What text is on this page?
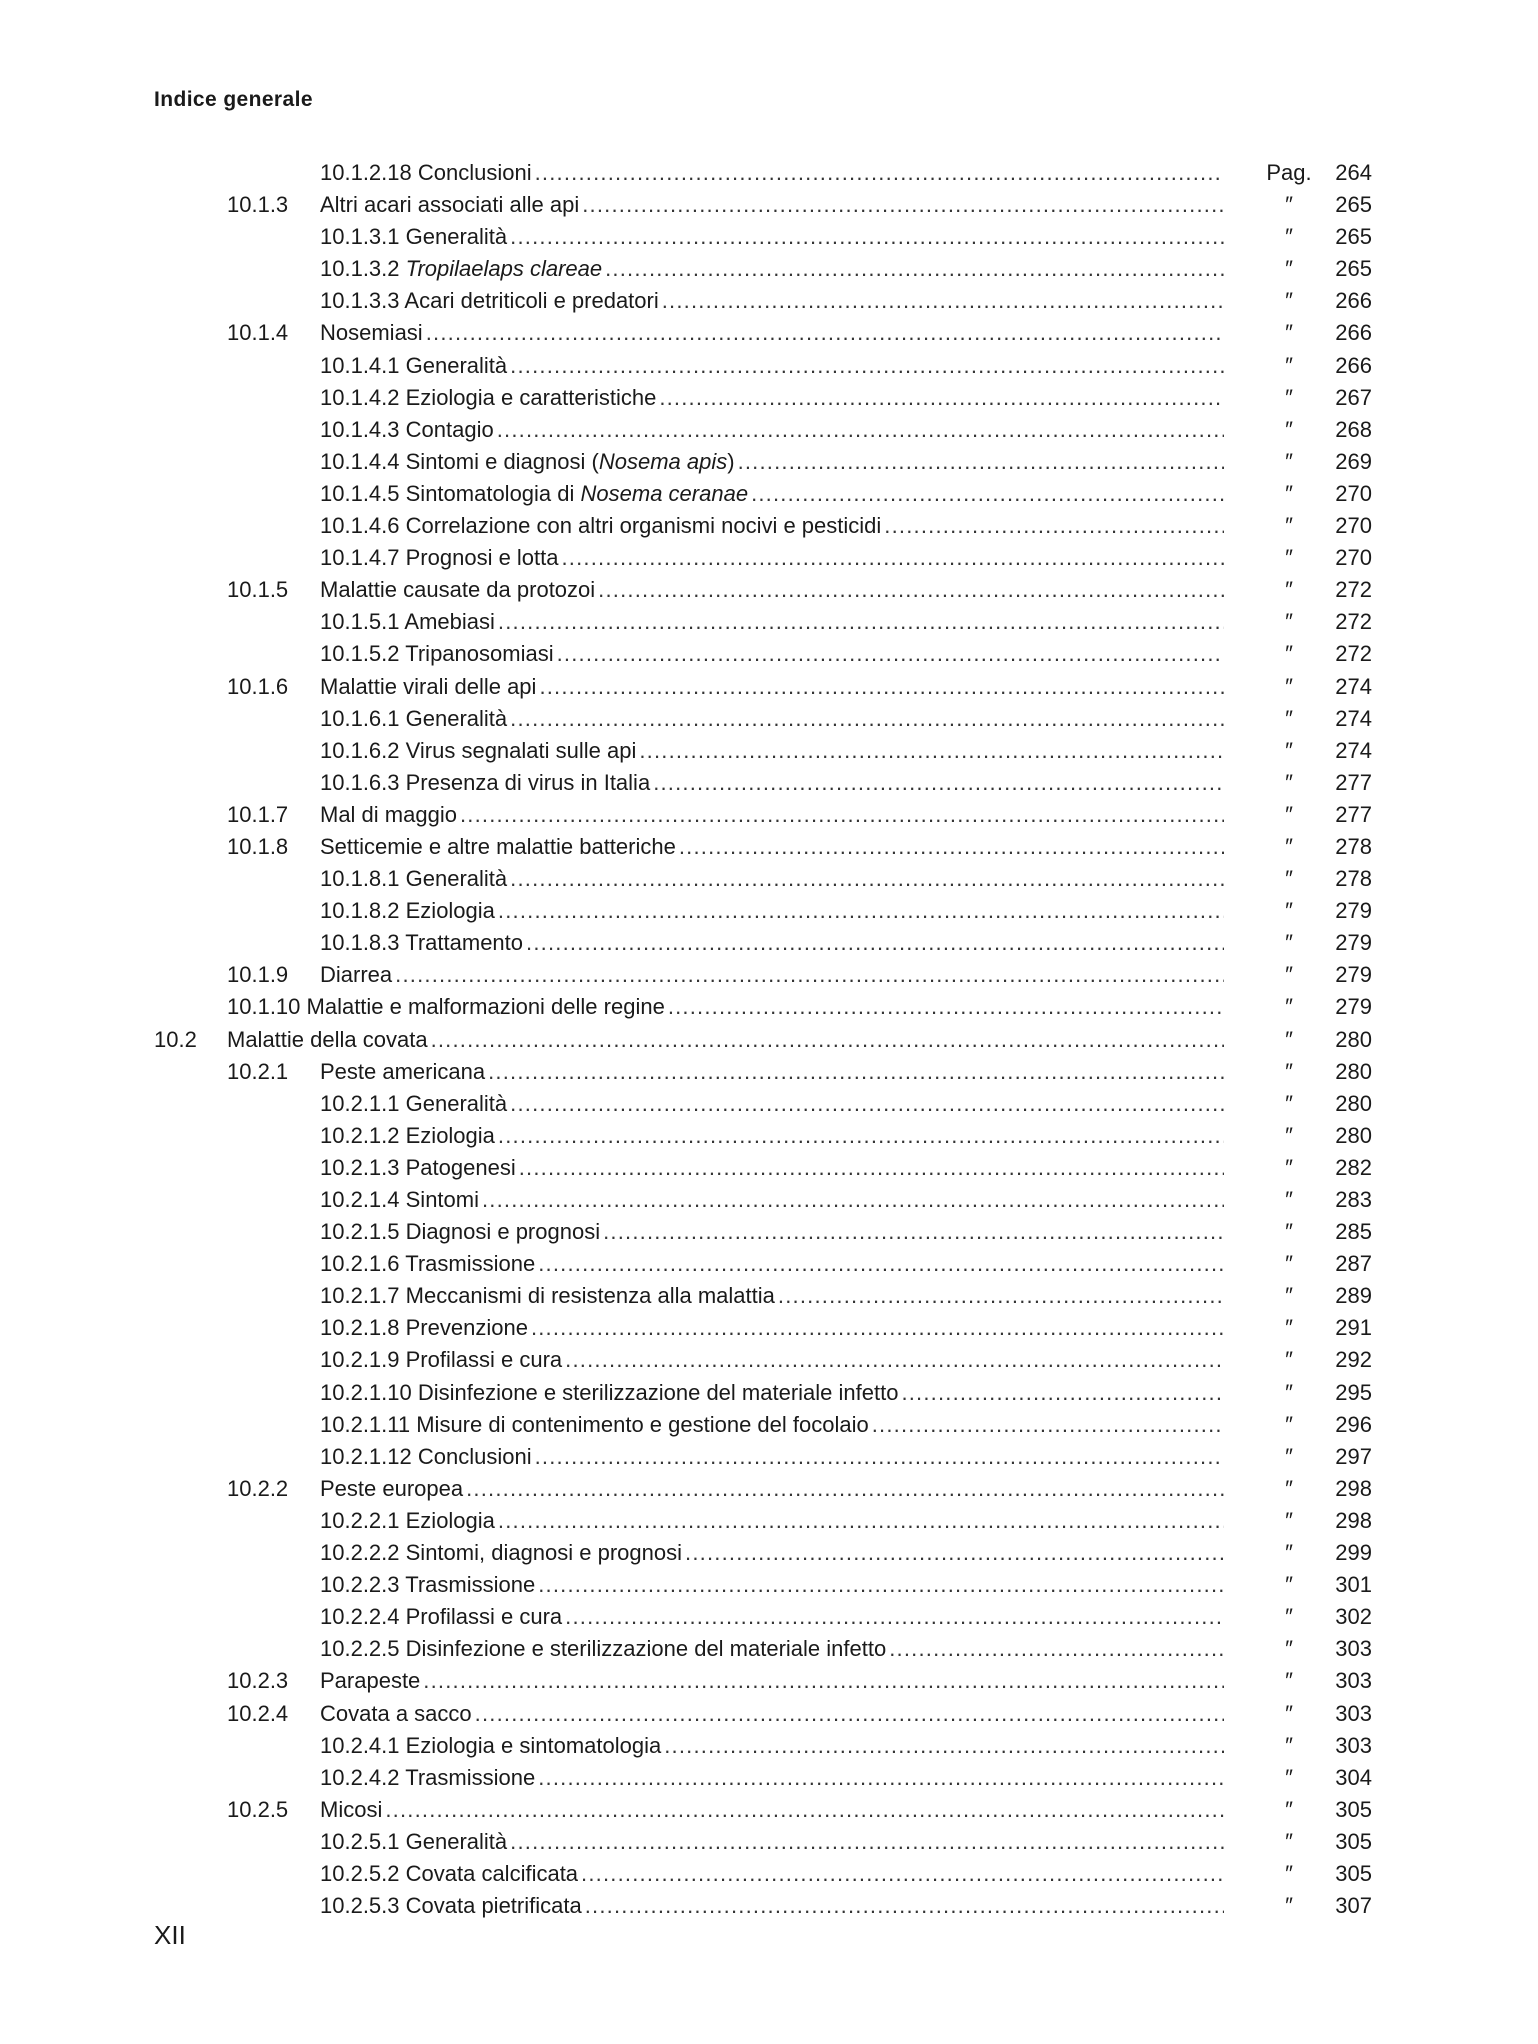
Indice generale
10.1.2.18 Conclusioni .....	Pag.	264
10.1.3 Altri acari associati alle api .....	″	265
10.1.3.1 Generalità .....	″	265
10.1.3.2 Tropilaelaps clareae .....	″	265
10.1.3.3 Acari detriticoli e predatori .....	″	266
10.1.4 Nosemiasi .....	″	266
10.1.4.1 Generalità .....	″	266
10.1.4.2 Eziologia e caratteristiche .....	″	267
10.1.4.3 Contagio .....	″	268
10.1.4.4 Sintomi e diagnosi (Nosema apis) .....	″	269
10.1.4.5 Sintomatologia di Nosema ceranae .....	″	270
10.1.4.6 Correlazione con altri organismi nocivi e pesticidi .....	″	270
10.1.4.7 Prognosi e lotta .....	″	270
10.1.5 Malattie causate da protozoi .....	″	272
10.1.5.1 Amebiasi .....	″	272
10.1.5.2 Tripanosomiasi .....	″	272
10.1.6 Malattie virali delle api .....	″	274
10.1.6.1 Generalità .....	″	274
10.1.6.2 Virus segnalati sulle api .....	″	274
10.1.6.3 Presenza di virus in Italia .....	″	277
10.1.7 Mal di maggio .....	″	277
10.1.8 Setticemie e altre malattie batteriche .....	″	278
10.1.8.1 Generalità .....	″	278
10.1.8.2 Eziologia .....	″	279
10.1.8.3 Trattamento .....	″	279
10.1.9 Diarrea .....	″	279
10.1.10 Malattie e malformazioni delle regine .....	″	279
10.2 Malattie della covata .....	″	280
10.2.1 Peste americana .....	″	280
10.2.1.1 Generalità .....	″	280
10.2.1.2 Eziologia .....	″	280
10.2.1.3 Patogenesi .....	″	282
10.2.1.4 Sintomi .....	″	283
10.2.1.5 Diagnosi e prognosi .....	″	285
10.2.1.6 Trasmissione .....	″	287
10.2.1.7 Meccanismi di resistenza alla malattia .....	″	289
10.2.1.8 Prevenzione .....	″	291
10.2.1.9 Profilassi e cura .....	″	292
10.2.1.10 Disinfezione e sterilizzazione del materiale infetto .....	″	295
10.2.1.11 Misure di contenimento e gestione del focolaio .....	″	296
10.2.1.12 Conclusioni .....	″	297
10.2.2 Peste europea .....	″	298
10.2.2.1 Eziologia .....	″	298
10.2.2.2 Sintomi, diagnosi e prognosi .....	″	299
10.2.2.3 Trasmissione .....	″	301
10.2.2.4 Profilassi e cura .....	″	302
10.2.2.5 Disinfezione e sterilizzazione del materiale infetto .....	″	303
10.2.3 Parapeste .....	″	303
10.2.4 Covata a sacco .....	″	303
10.2.4.1 Eziologia e sintomatologia .....	″	303
10.2.4.2 Trasmissione .....	″	304
10.2.5 Micosi .....	″	305
10.2.5.1 Generalità .....	″	305
10.2.5.2 Covata calcificata .....	″	305
10.2.5.3 Covata pietrificata .....	″	307
XII
